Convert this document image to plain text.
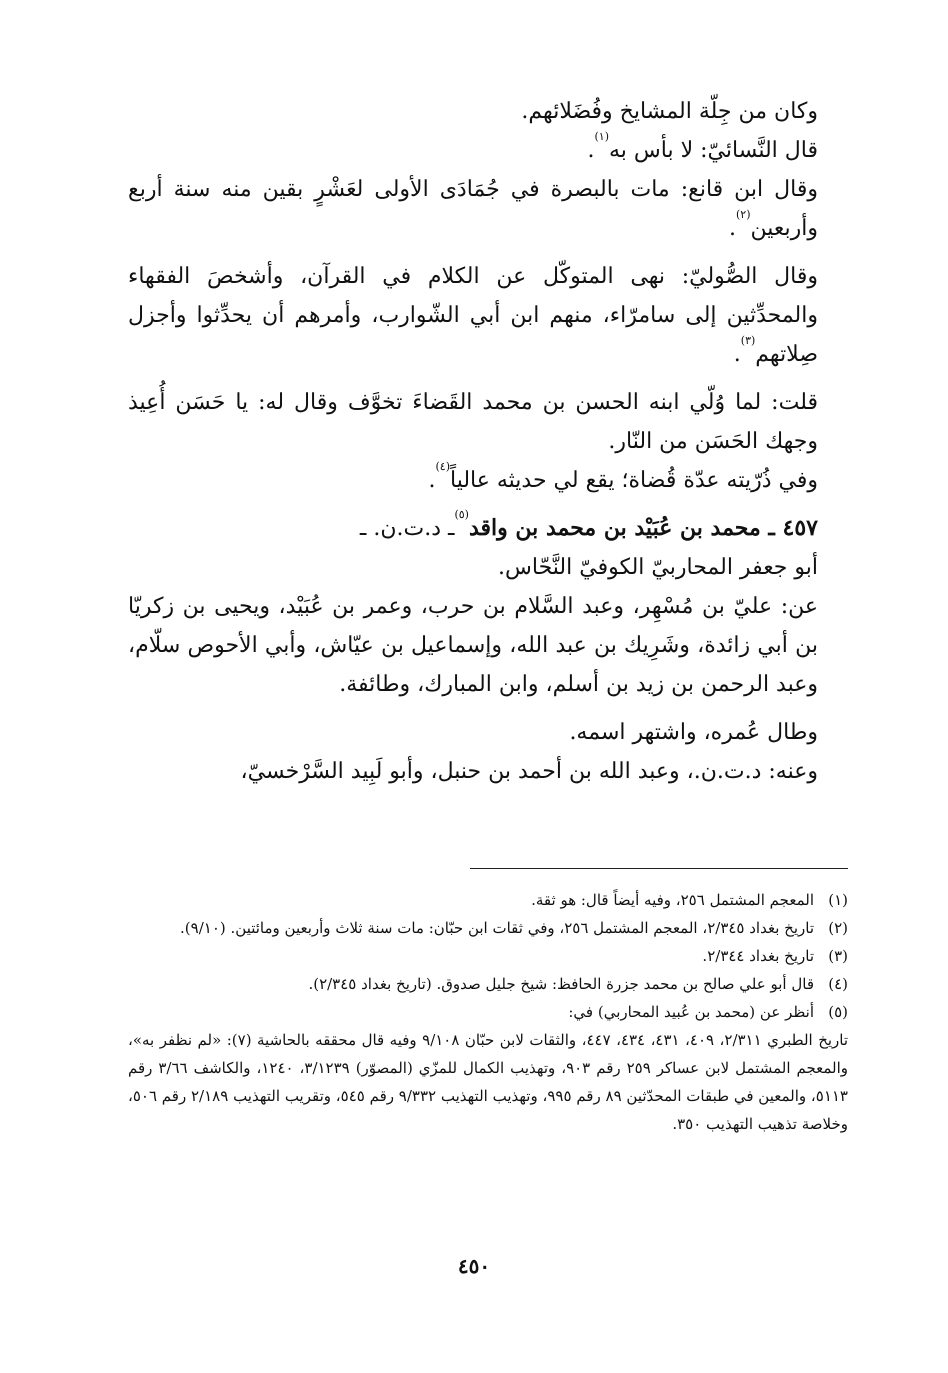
وكان من جِلّة المشايخ وفُضَلائهم.

قال النَّسائيّ: لا بأس به$^{(١)}$.

وقال ابن قانع: مات بالبصرة في جُمَادَى الأولى لعَشْرٍ بقين منه سنة أربع وأربعين$^{(٢)}$.

وقال الصُّوليّ: نهى المتوكّل عن الكلام في القرآن، وأشخصَ الفقهاء والمحدِّثين إلى سامرّاء، منهم ابن أبي الشّوارب، وأمرهم أن يحدِّثوا وأجزل صِلاتهم$^{(٣)}$.

قلت: لما وُلّي ابنه الحسن بن محمد القَضاءَ تخوَّف وقال له: يا حَسَن أُعِيذ وجهك الحَسَن من النّار.

وفي ذُرّيته عدّة قُضاة؛ يقع لي حديثه عالياً$^{(٤)}$.

٤٥٧ ـ محمد بن عُبَيْد بن محمد بن واقد$^{(٥)}$ـ د.ت.ن. ـ

أبو جعفر المحاربيّ الكوفيّ النَّحّاس.

عن: عليّ بن مُسْهِر، وعبد السَّلام بن حرب، وعمر بن عُبَيْد، ويحيى بن زكريّا بن أبي زائدة، وشَرِيك بن عبد الله، وإسماعيل بن عيّاش، وأبي الأحوص سلّام، وعبد الرحمن بن زيد بن أسلم، وابن المبارك، وطائفة.

وطال عُمره، واشتهر اسمه.

وعنه: د.ت.ن.، وعبد الله بن أحمد بن حنبل، وأبو لَبِيد السَّرْخسيّ،

(١)
المعجم المشتمل ٢٥٦، وفيه أيضاً قال: هو ثقة.
(٢)
تاريخ بغداد ٢/٣٤٥، المعجم المشتمل ٢٥٦، وفي ثقات ابن حبّان: مات سنة ثلاث وأربعين ومائتين. (٩/١٠).
(٣)
تاريخ بغداد ٢/٣٤٤.
(٤)
قال أبو علي صالح بن محمد جزرة الحافظ: شيخ جليل صدوق. (تاريخ بغداد ٢/٣٤٥).
(٥)
أنظر عن (محمد بن عُبيد المحاربي) في:

تاريخ الطبري ٢/٣١١، ٤٠٩، ٤٣١، ٤٣٤، ٤٤٧، والثقات لابن حبّان ٩/١٠٨ وفيه قال محققه بالحاشية (٧): «لم نظفر به»، والمعجم المشتمل لابن عساكر ٢٥٩ رقم ٩٠٣، وتهذيب الكمال للمزّي (المصوّر) ٣/١٢٣٩، ١٢٤٠، والكاشف ٣/٦٦ رقم ٥١١٣، والمعين في طبقات المحدّثين ٨٩ رقم ٩٩٥، وتهذيب التهذيب ٩/٣٣٢ رقم ٥٤٥، وتقريب التهذيب ٢/١٨٩ رقم ٥٠٦، وخلاصة تذهيب التهذيب ٣٥٠.

٤٥٠
